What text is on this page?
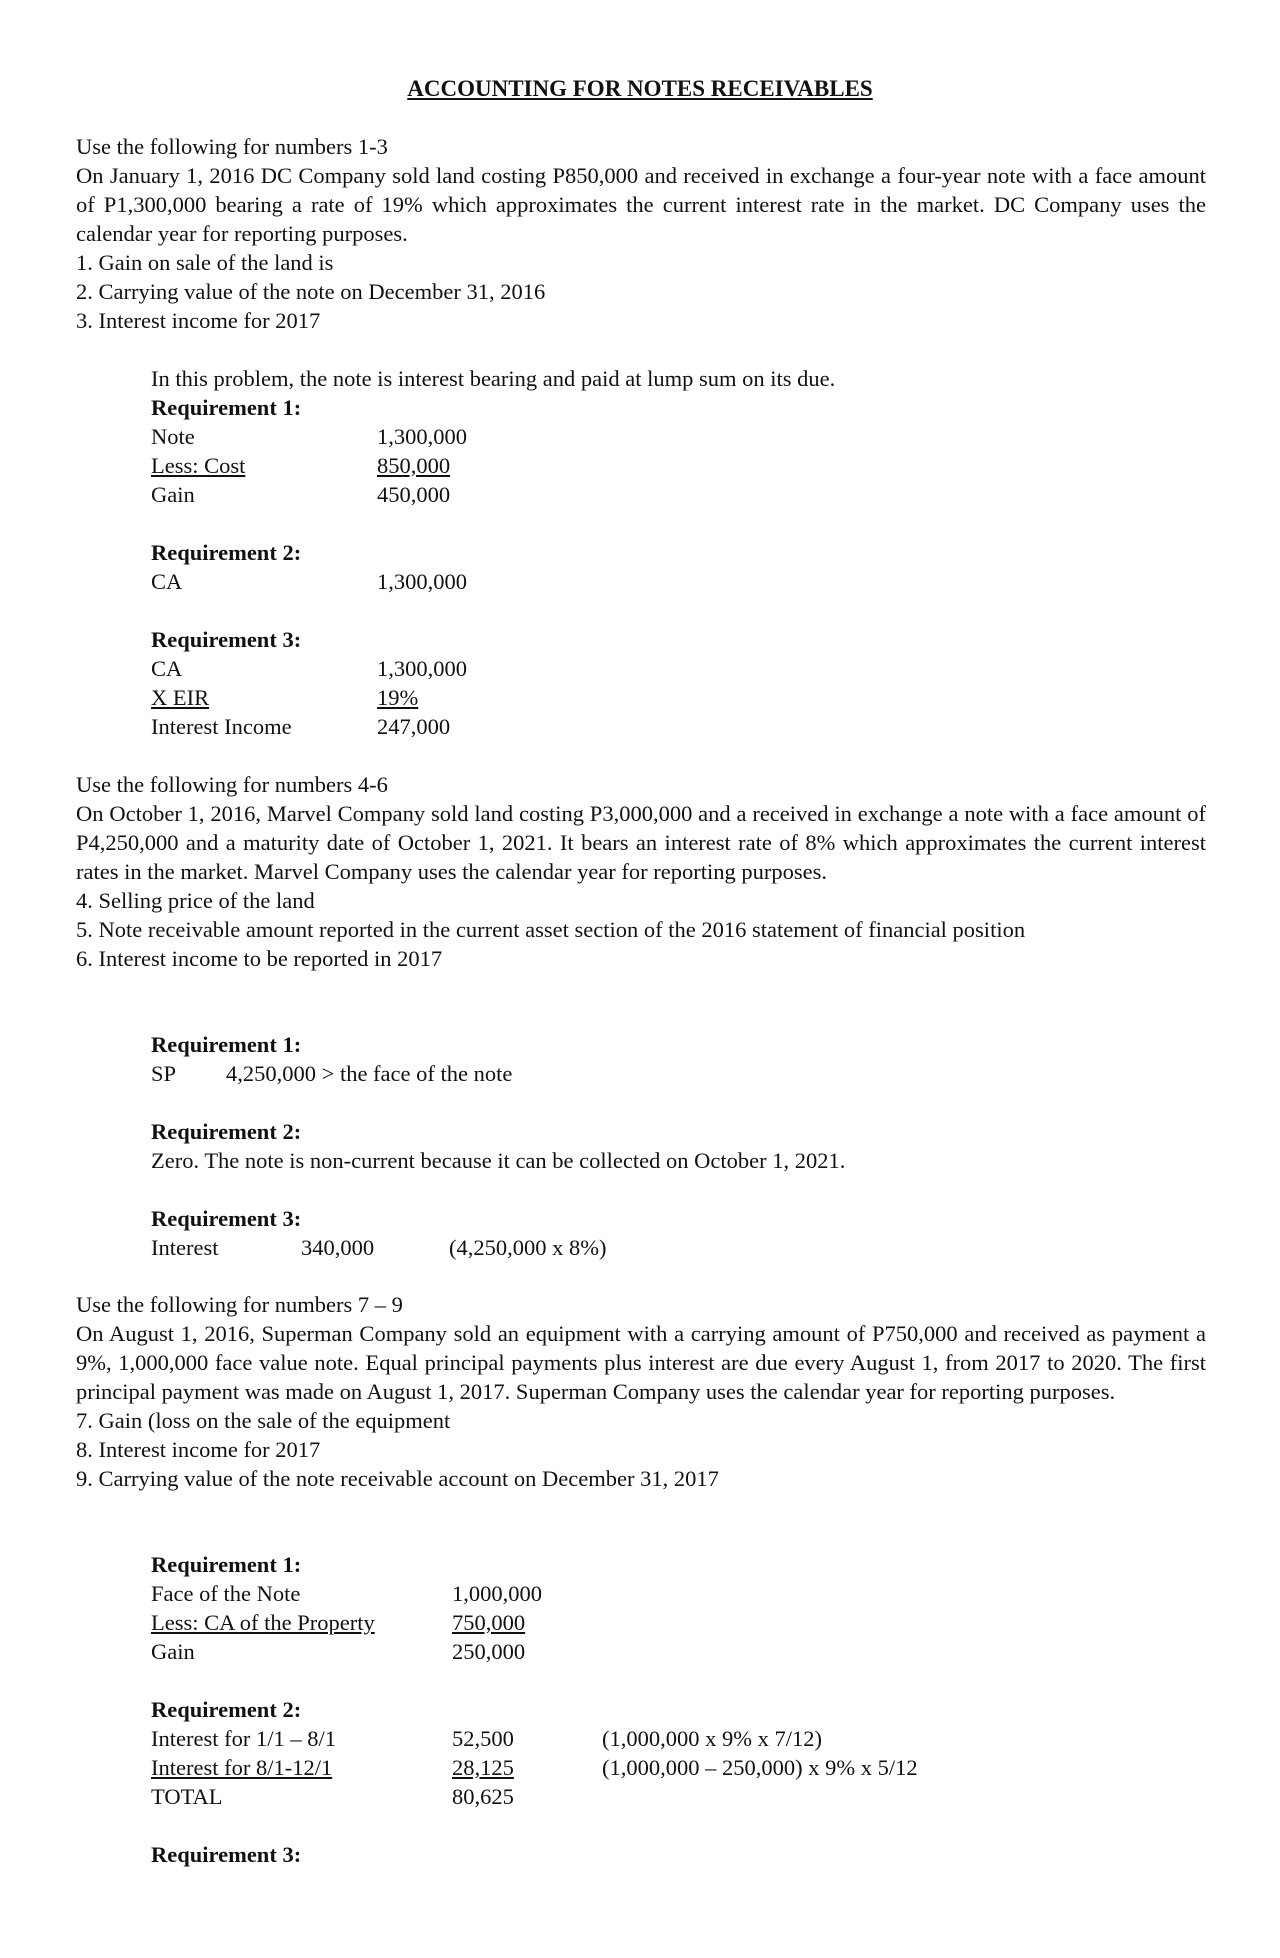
ACCOUNTING FOR NOTES RECEIVABLES
Use the following for numbers 1-3
On January 1, 2016 DC Company sold land costing P850,000 and received in exchange a four-year note with a face amount of P1,300,000 bearing a rate of 19% which approximates the current interest rate in the market. DC Company uses the calendar year for reporting purposes.
1. Gain on sale of the land is
2. Carrying value of the note on December 31, 2016
3. Interest income for 2017
In this problem, the note is interest bearing and paid at lump sum on its due.
Requirement 1:
Note	1,300,000
Less: Cost	850,000
Gain	450,000
Requirement 2:
CA	1,300,000
Requirement 3:
CA	1,300,000
X EIR	19%
Interest Income	247,000
Use the following for numbers 4-6
On October 1, 2016, Marvel Company sold land costing P3,000,000 and a received in exchange a note with a face amount of P4,250,000 and a maturity date of October 1, 2021. It bears an interest rate of 8% which approximates the current interest rates in the market. Marvel Company uses the calendar year for reporting purposes.
4. Selling price of the land
5. Note receivable amount reported in the current asset section of the 2016 statement of financial position
6. Interest income to be reported in 2017
Requirement 1:
SP 4,250,000 > the face of the note
Requirement 2:
Zero. The note is non-current because it can be collected on October 1, 2021.
Requirement 3:
Interest	340,000	(4,250,000 x 8%)
Use the following for numbers 7 – 9
On August 1, 2016, Superman Company sold an equipment with a carrying amount of P750,000 and received as payment a 9%, 1,000,000 face value note. Equal principal payments plus interest are due every August 1, from 2017 to 2020. The first principal payment was made on August 1, 2017. Superman Company uses the calendar year for reporting purposes.
7. Gain (loss on the sale of the equipment
8. Interest income for 2017
9. Carrying value of the note receivable account on December 31, 2017
Requirement 1:
Face of the Note	1,000,000
Less: CA of the Property	750,000
Gain	250,000
Requirement 2:
Interest for 1/1 – 8/1	52,500	(1,000,000 x 9% x 7/12)
Interest for 8/1-12/1	28,125	(1,000,000 – 250,000) x 9% x 5/12
TOTAL	80,625
Requirement 3:
